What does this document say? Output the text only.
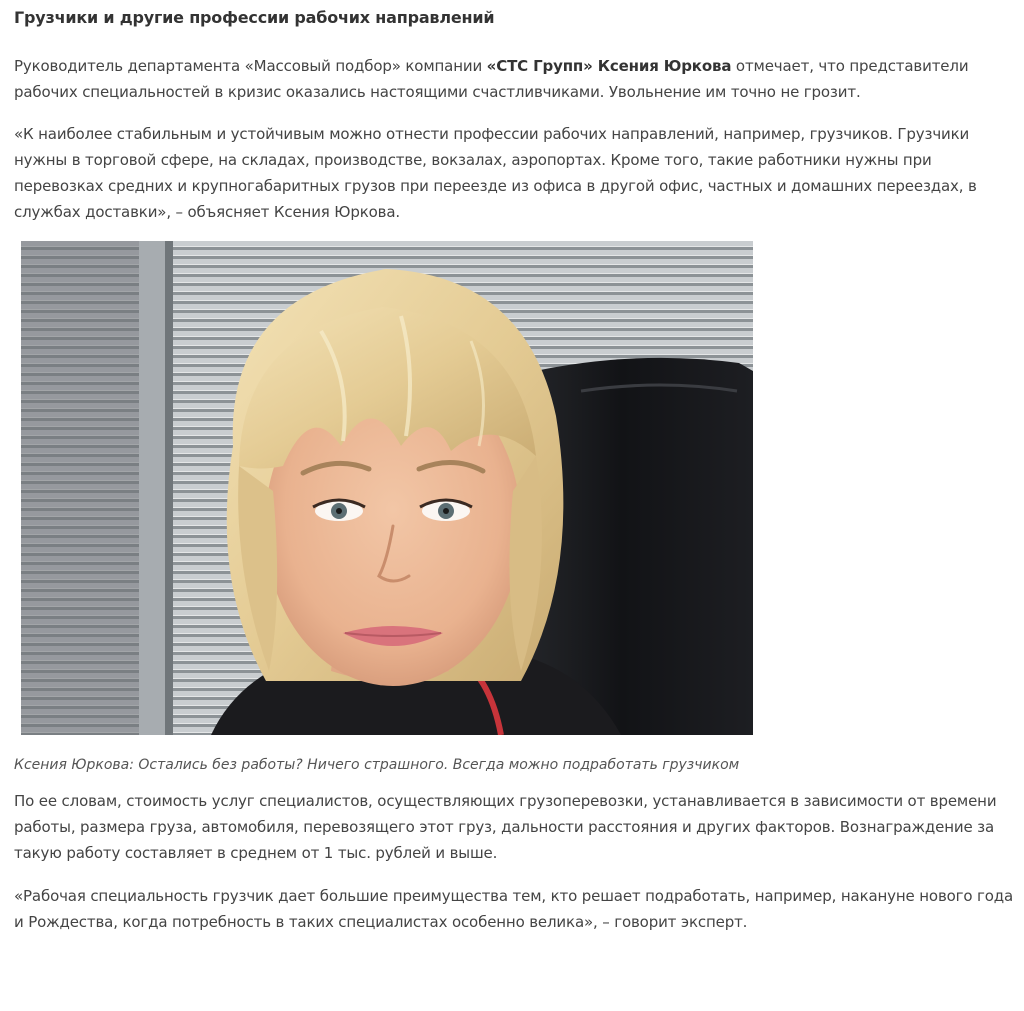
Грузчики и другие профессии рабочих направлений

Руководитель департамента «Массовый подбор» компании «СТС Групп» Ксения Юркова отмечает, что представители рабочих специальностей в кризис оказались настоящими счастливчиками. Увольнение им точно не грозит.

«К наиболее стабильным и устойчивым можно отнести профессии рабочих направлений, например, грузчиков. Грузчики нужны в торговой сфере, на складах, производстве, вокзалах, аэропортах. Кроме того, такие работники нужны при перевозках средних и крупногабаритных грузов при переезде из офиса в другой офис, частных и домашних переездах, в службах доставки», – объясняет Ксения Юркова.

Ксения Юркова: Остались без работы? Ничего страшного. Всегда можно подработать грузчиком

По ее словам, стоимость услуг специалистов, осуществляющих грузоперевозки, устанавливается в зависимости от времени работы, размера груза, автомобиля, перевозящего этот груз, дальности расстояния и других факторов. Вознаграждение за такую работу составляет в среднем от 1 тыс. рублей и выше.

«Рабочая специальность грузчик дает большие преимущества тем, кто решает подработать, например, накануне нового года и Рождества, когда потребность в таких специалистах особенно велика», – говорит эксперт.
